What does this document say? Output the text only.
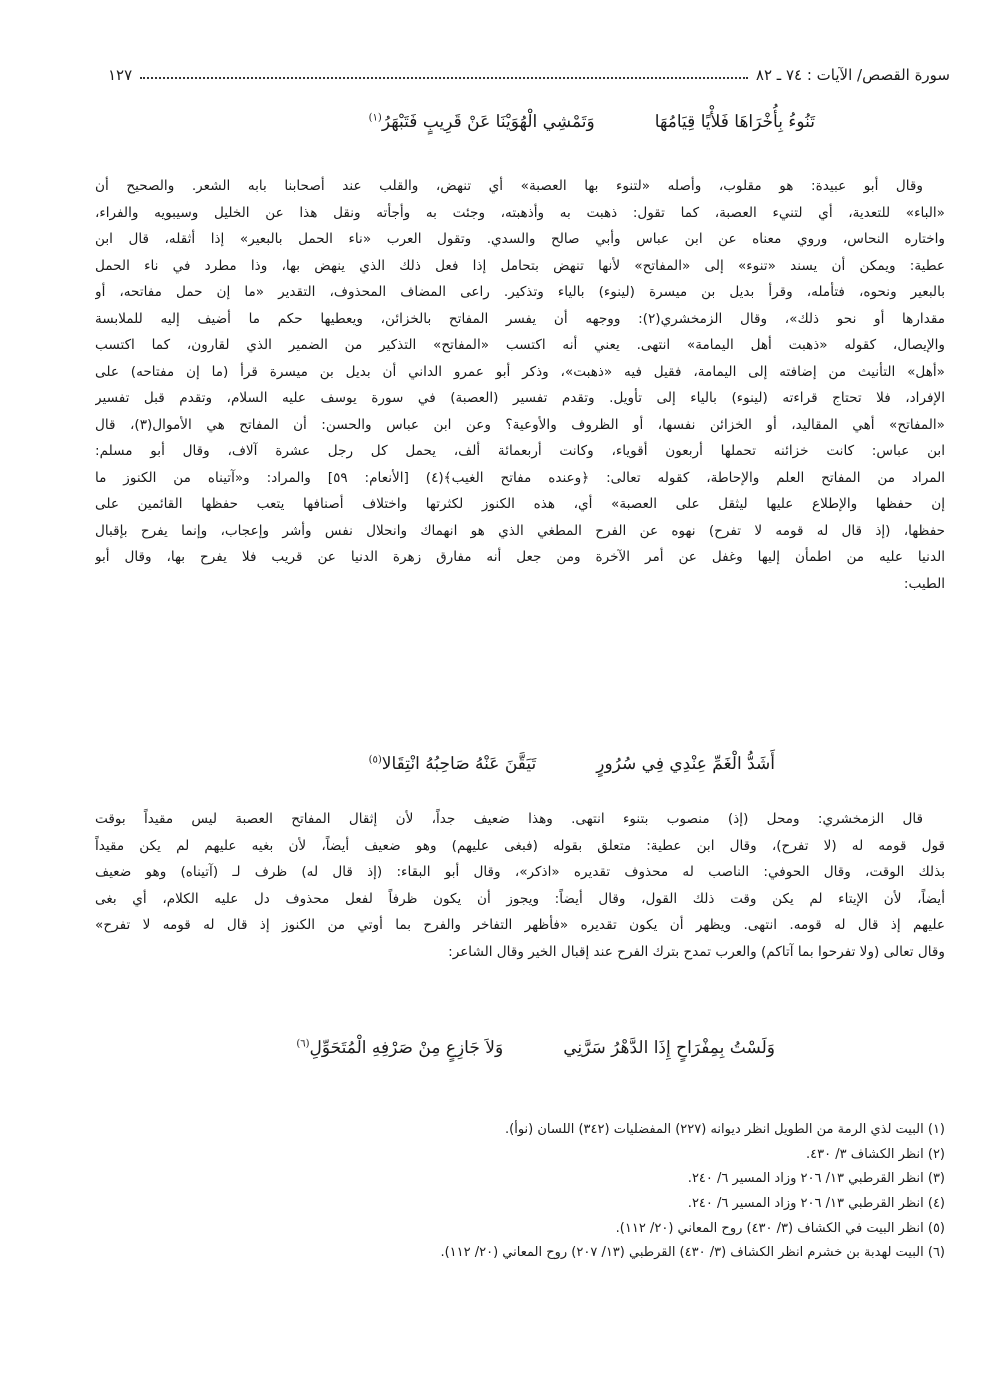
سورة القصص/ الآيات : ٧٤ ـ ٨٢
١٢٧
تَنُوءُ بِأُخْرَاهَا فَلأْيًا قِيَامُهَا
وَتَمْشِي الْهُوَيْنَا عَنْ قَرِيبٍ فَتَبْهَرُ$^{(١)}$
وقال أبو عبيدة: هو مقلوب، وأصله «لتنوء بها العصبة» أي تنهض، والقلب عند أصحابنا بابه الشعر. والصحيح أن
«الباء» للتعدية، أي لتنيء العصبة، كما تقول: ذهبت به وأذهبته، وجئت به وأجأته ونقل هذا عن الخليل وسيبويه والفراء،
واختاره النحاس، وروي معناه عن ابن عباس وأبي صالح والسدي. وتقول العرب «ناء الحمل بالبعير» إذا أثقله، قال ابن
عطية: ويمكن أن يسند «تنوء» إلى «المفاتح» لأنها تنهض بتحامل إذا فعل ذلك الذي ينهض بها، وذا مطرد في ناء الحمل
بالبعير ونحوه، فتأمله، وقرأ بديل بن ميسرة (لينوء) بالياء وتذكير. راعى المضاف المحذوف، التقدير «ما إن حمل مفاتحه، أو
مقدارها أو نحو ذلك»، وقال الزمخشري(٢): ووجهه أن يفسر المفاتح بالخزائن، ويعطيها حكم ما أضيف إليه للملابسة
والإيصال، كقوله «ذهبت أهل اليمامة» انتهى. يعني أنه اكتسب «المفاتح» التذكير من الضمير الذي لقارون، كما اكتسب
«أهل» التأنيث من إضافته إلى اليمامة، فقيل فيه «ذهبت»، وذكر أبو عمرو الداني أن بديل بن ميسرة قرأ (ما إن مفتاحه) على
الإفراد، فلا تحتاج قراءته (لينوء) بالياء إلى تأويل. وتقدم تفسير (العصبة) في سورة يوسف عليه السلام، وتقدم قبل تفسير
«المفاتح» أهي المقاليد، أو الخزائن نفسها، أو الظروف والأوعية؟ وعن ابن عباس والحسن: أن المفاتح هي الأموال(٣)، قال
ابن عباس: كانت خزائنه تحملها أربعون أقوياء، وكانت أربعمائة ألف، يحمل كل رجل عشرة آلاف، وقال أبو مسلم:
المراد من المفاتح العلم والإحاطة، كقوله تعالى: ﴿وعنده مفاتح الغيب﴾(٤) [الأنعام: ٥٩] والمراد: و«آتيناه من الكنوز ما
إن حفظها والإطلاع عليها ليثقل على العصبة» أي، هذه الكنوز لكثرتها واختلاف أصنافها يتعب حفظها القائمين على
حفظها، (إذ قال له قومه لا تفرح) نهوه عن الفرح المطغي الذي هو انهماك وانحلال نفس وأشر وإعجاب، وإنما يفرح بإقبال
الدنيا عليه من اطمأن إليها وغفل عن أمر الآخرة ومن جعل أنه مفارق زهرة الدنيا عن قريب فلا يفرح بها، وقال أبو
الطيب:
أَشَدُّ الْغَمِّ عِنْدِي فِي سُرُورٍ
تَيَقَّنَ عَنْهُ صَاحِبُهُ انْتِقَالا$^{(٥)}$
قال الزمخشري: ومحل (إذ) منصوب بتنوء انتهى. وهذا ضعيف جداً، لأن إثقال المفاتح العصبة ليس مقيداً بوقت
قول قومه له (لا تفرح)، وقال ابن عطية: متعلق بقوله (فبغى عليهم) وهو ضعيف أيضاً، لأن بغيه عليهم لم يكن مقيداً
بذلك الوقت، وقال الحوفي: الناصب له محذوف تقديره «اذكر»، وقال أبو البقاء: (إذ قال له) ظرف لـ (آتيناه) وهو ضعيف
أيضاً، لأن الإيتاء لم يكن وقت ذلك القول، وقال أيضاً: ويجوز أن يكون ظرفاً لفعل محذوف دل عليه الكلام، أي بغى
عليهم إذ قال له قومه. انتهى. ويظهر أن يكون تقديره «فأظهر التفاخر والفرح بما أوتي من الكنوز إذ قال له قومه لا تفرح»
وقال تعالى (ولا تفرحوا بما آتاكم) والعرب تمدح بترك الفرح عند إقبال الخير وقال الشاعر:
وَلَسْتُ بِمِفْرَاحٍ إِذَا الدَّهْرُ سَرَّنِي
وَلاَ جَازِعٍ مِنْ صَرْفِهِ الْمُتَحَوِّلِ$^{(٦)}$
(١) البيت لذي الرمة من الطويل انظر ديوانه (٢٢٧) المفضليات (٣٤٢) اللسان (نوأ).
(٢) انظر الكشاف ٣/ ٤٣٠.
(٣) انظر القرطبي ١٣/ ٢٠٦ وزاد المسير ٦/ ٢٤٠.
(٤) انظر القرطبي ١٣/ ٢٠٦ وزاد المسير ٦/ ٢٤٠.
(٥) انظر البيت في الكشاف (٣/ ٤٣٠) روح المعاني (٢٠/ ١١٢).
(٦) البيت لهدبة بن خشرم انظر الكشاف (٣/ ٤٣٠) القرطبي (١٣/ ٢٠٧) روح المعاني (٢٠/ ١١٢).
